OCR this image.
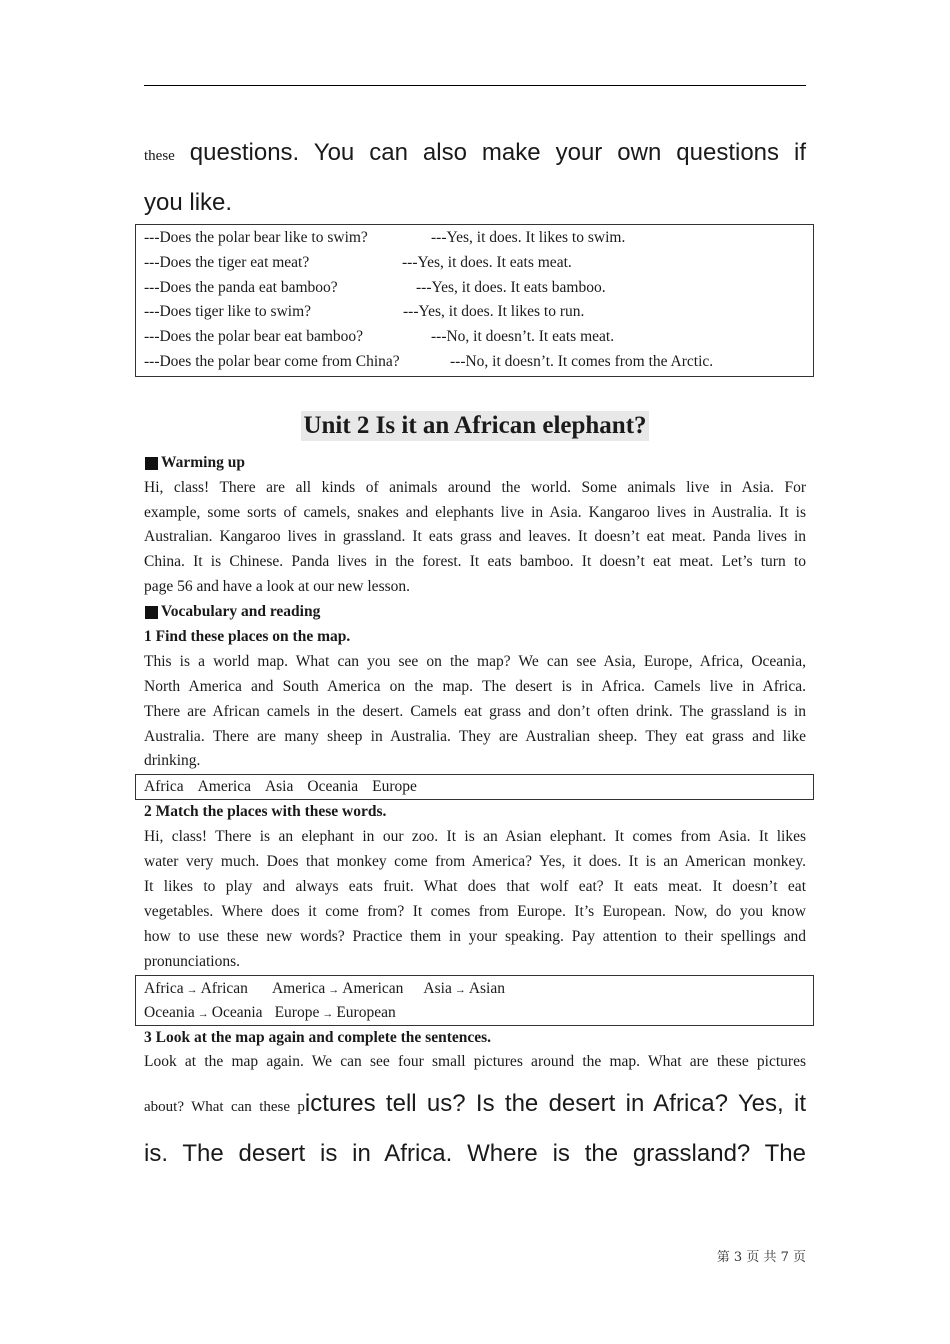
these questions. You can also make your own questions if
you like.
---Does the polar bear like to swim?	---Yes, it does. It likes to swim.
---Does the tiger eat meat?	---Yes, it does. It eats meat.
---Does the panda eat bamboo?	---Yes, it does. It eats bamboo.
---Does tiger like to swim?	---Yes, it does. It likes to run.
---Does the polar bear eat bamboo?	---No, it doesn’t. It eats meat.
---Does the polar bear come from China?	---No, it doesn’t. It comes from the Arctic.
Unit 2 Is it an African elephant?
Warming up
Hi, class! There are all kinds of animals around the world. Some animals live in Asia. For
example, some sorts of camels, snakes and elephants live in Asia. Kangaroo lives in Australia. It is
Australian. Kangaroo lives in grassland. It eats grass and leaves. It doesn’t eat meat. Panda lives in
China. It is Chinese. Panda lives in the forest. It eats bamboo. It doesn’t eat meat. Let’s turn to
page 56 and have a look at our new lesson.
Vocabulary and reading
1 Find these places on the map.
This is a world map. What can you see on the map? We can see Asia, Europe, Africa, Oceania,
North America and South America on the map. The desert is in Africa. Camels live in Africa.
There are African camels in the desert. Camels eat grass and don’t often drink. The grassland is in
Australia. There are many sheep in Australia. They are Australian sheep. They eat grass and like
drinking.
Africa America Asia Oceania Europe
2 Match the places with these words.
Hi, class! There is an elephant in our zoo. It is an Asian elephant. It comes from Asia. It likes
water very much. Does that monkey come from America? Yes, it does. It is an American monkey.
It likes to play and always eats fruit. What does that wolf eat? It eats meat. It doesn’t eat
vegetables. Where does it come from? It comes from Europe. It’s European. Now, do you know
how to use these new words? Practice them in your speaking. Pay attention to their spellings and
pronunciations.
Africa → African America → American Asia → Asian
Oceania → Oceania Europe → European
3 Look at the map again and complete the sentences.
Look at the map again. We can see four small pictures around the map. What are these pictures
about? What can these pictures tell us? Is the desert in Africa? Yes, it
is. The desert is in Africa. Where is the grassland? The
第 3 页 共 7 页
